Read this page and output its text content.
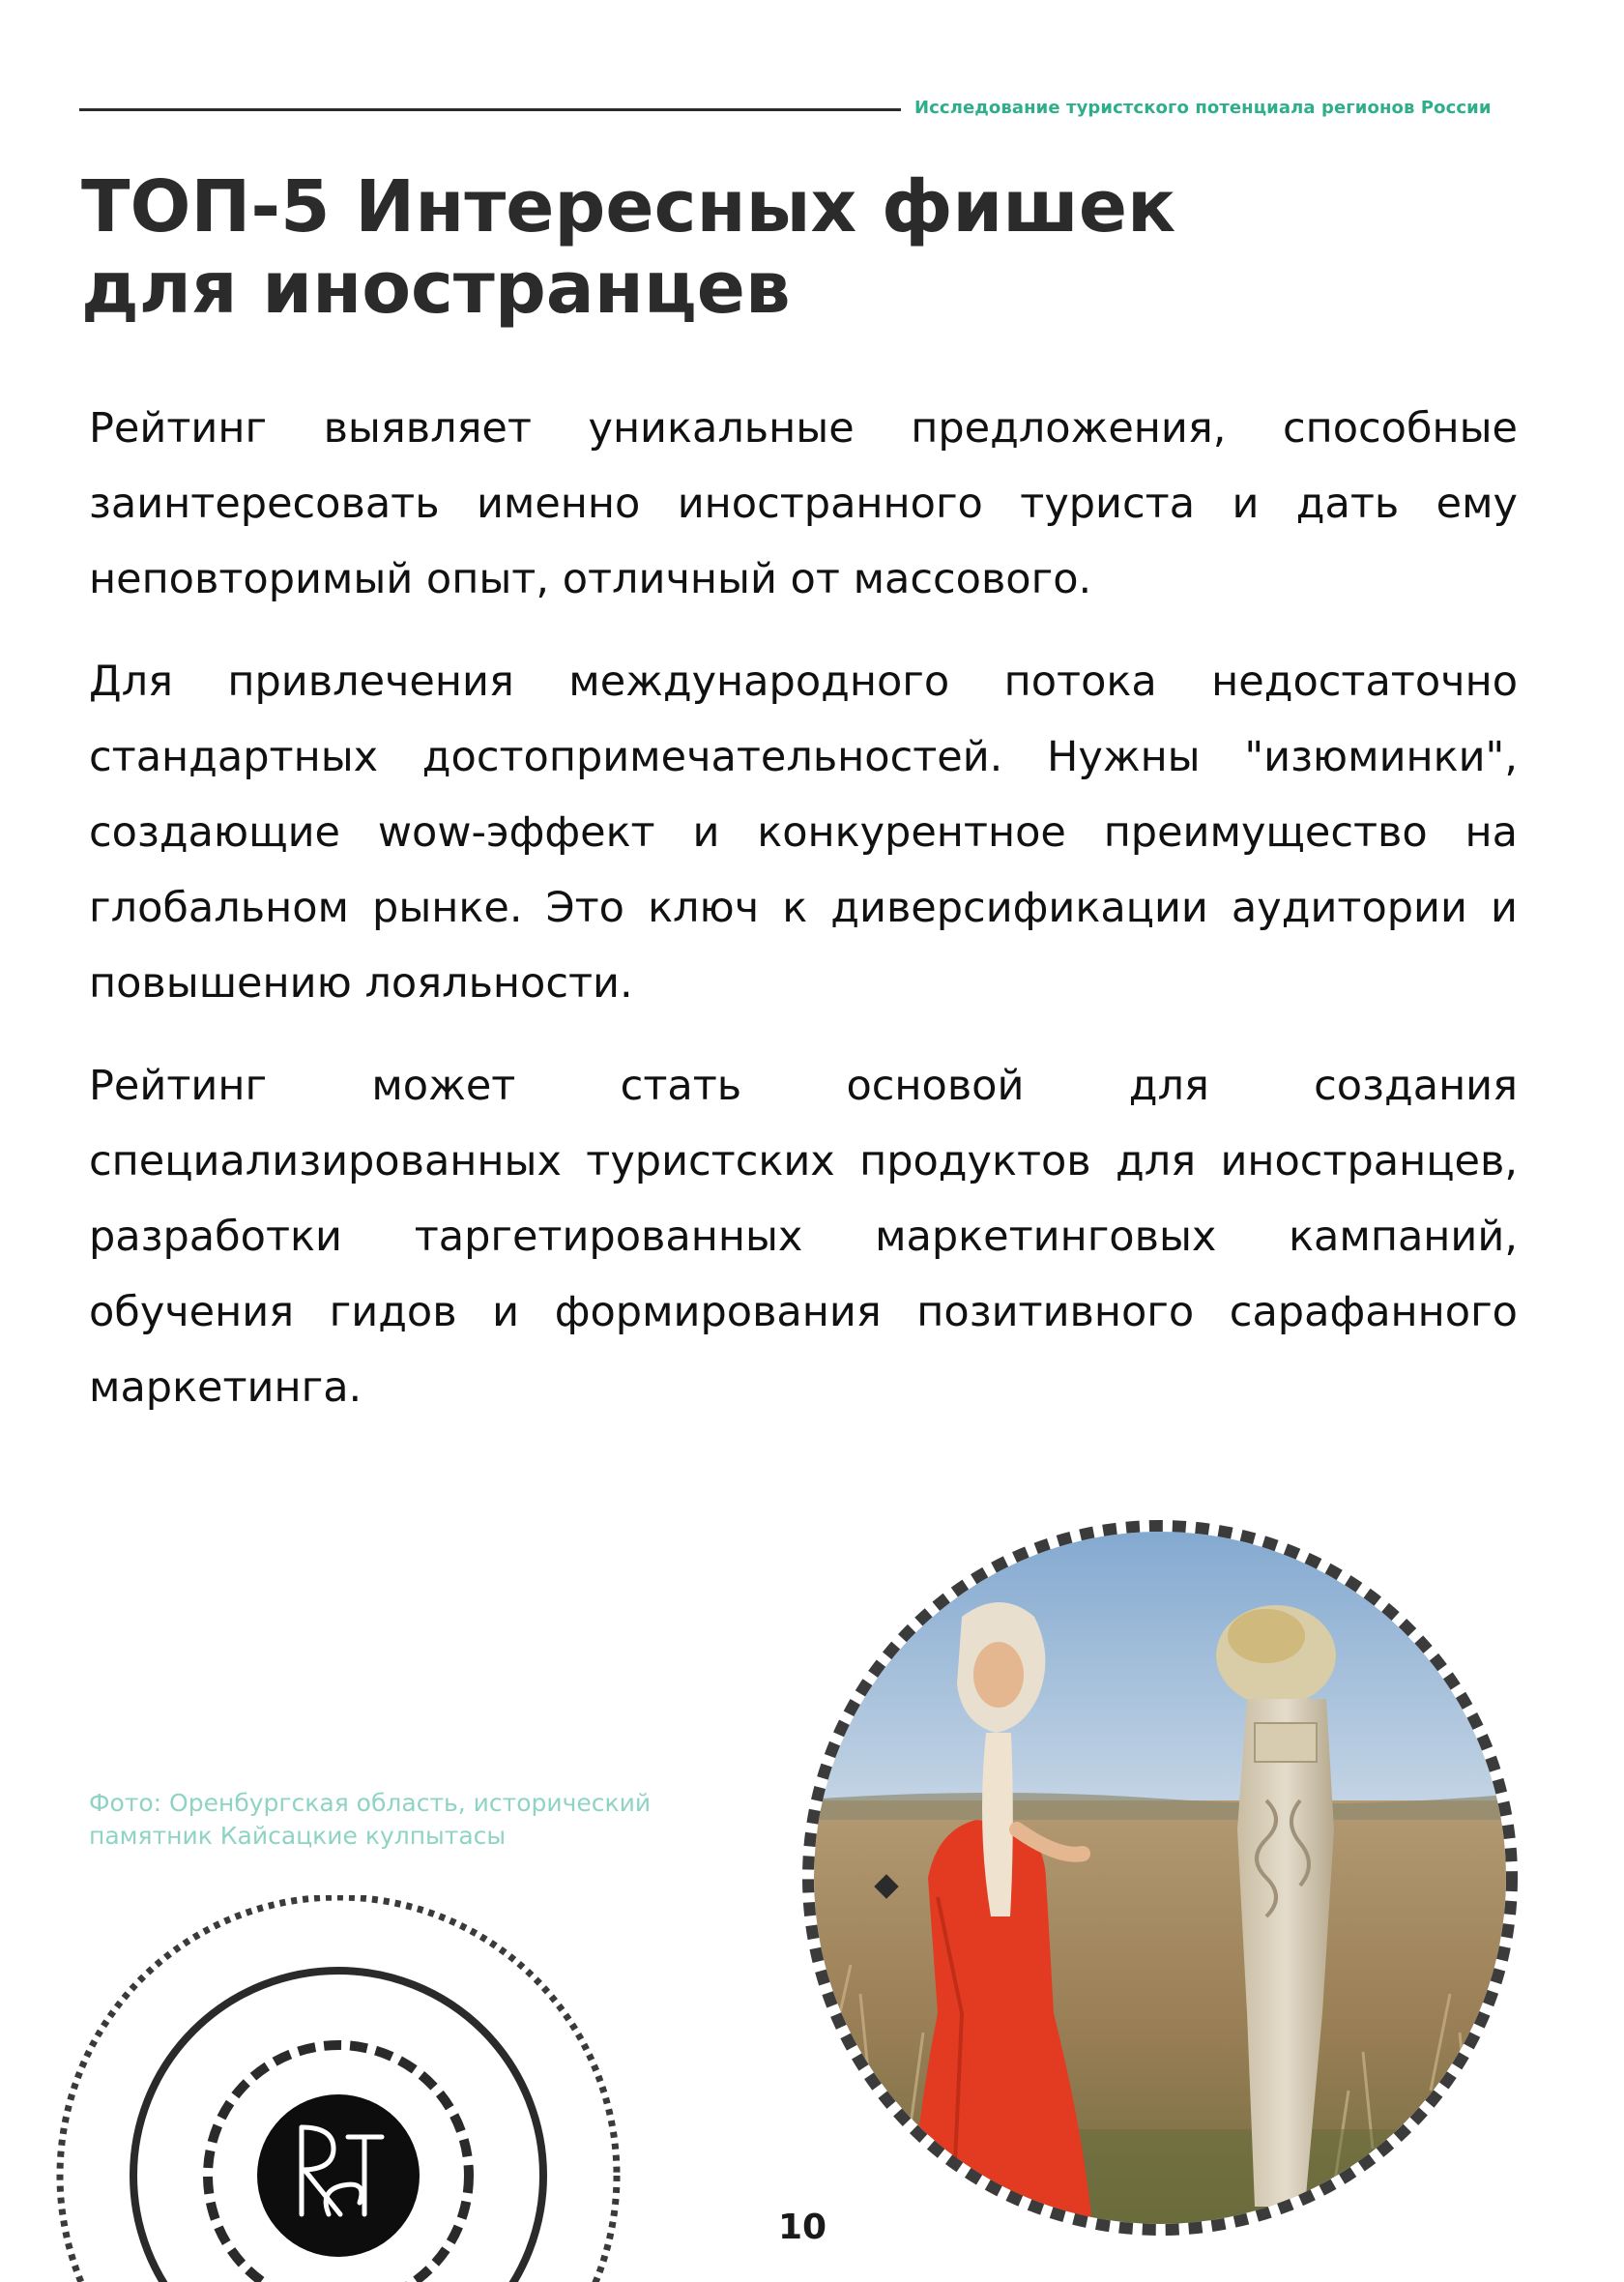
Исследование туристского потенциала регионов России
ТОП-5 Интересных фишек
для иностранцев

Рейтинг выявляет уникальные предложения, способные заинтересовать именно иностранного туриста и дать ему неповторимый опыт, отличный от массового.

Для привлечения международного потока недостаточно стандартных достопримечательностей. Нужны "изюминки", создающие wow-эффект и конкурентное преимущество на глобальном рынке. Это ключ к диверсификации аудитории и повышению лояльности.

Рейтинг может стать основой для создания специализированных туристских продуктов для иностранцев, разработки таргетированных маркетинговых кампаний, обучения гидов и формирования позитивного сарафанного маркетинга.

Фото: Оренбургская область, исторический памятник Кайсацкие кулпытасы
10
